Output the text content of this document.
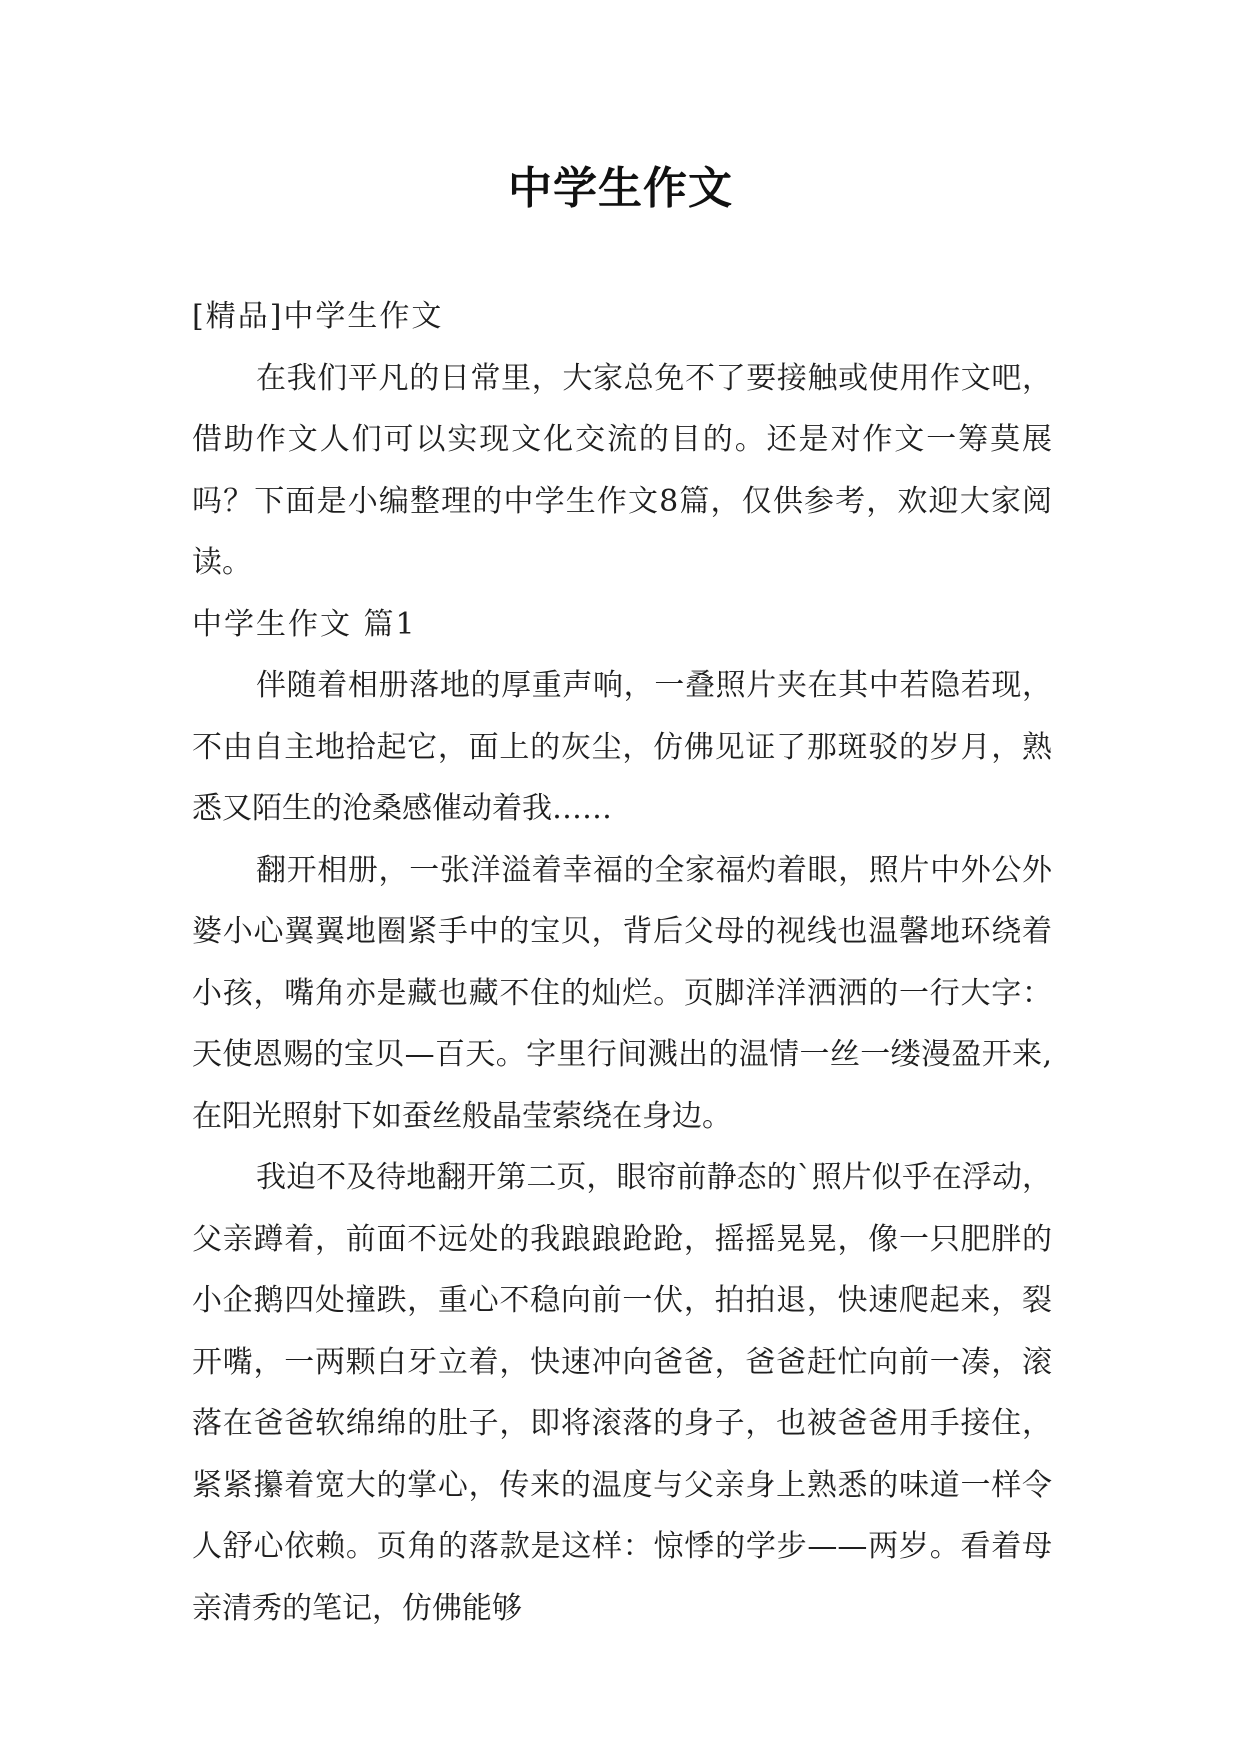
中学生作文
[精品]中学生作文
在我们平凡的日常里，大家总免不了要接触或使用作文吧，借助作文人们可以实现文化交流的目的。还是对作文一筹莫展吗？下面是小编整理的中学生作文8篇，仅供参考，欢迎大家阅读。
中学生作文 篇1
伴随着相册落地的厚重声响，一叠照片夹在其中若隐若现，不由自主地拾起它，面上的灰尘，仿佛见证了那斑驳的岁月，熟悉又陌生的沧桑感催动着我……
翻开相册，一张洋溢着幸福的全家福灼着眼，照片中外公外婆小心翼翼地圈紧手中的宝贝，背后父母的视线也温馨地环绕着小孩，嘴角亦是藏也藏不住的灿烂。页脚洋洋洒洒的一行大字：天使恩赐的宝贝—百天。字里行间溅出的温情一丝一缕漫盈开来,在阳光照射下如蚕丝般晶莹萦绕在身边。
我迫不及待地翻开第二页，眼帘前静态的`照片似乎在浮动，父亲蹲着，前面不远处的我踉踉跄跄，摇摇晃晃，像一只肥胖的小企鹅四处撞跌，重心不稳向前一伏，拍拍退，快速爬起来，裂开嘴，一两颗白牙立着，快速冲向爸爸，爸爸赶忙向前一凑，滚落在爸爸软绵绵的肚子，即将滚落的身子，也被爸爸用手接住，紧紧攥着宽大的掌心，传来的温度与父亲身上熟悉的味道一样令人舒心依赖。页角的落款是这样：惊悸的学步——两岁。看着母亲清秀的笔记，仿佛能够
